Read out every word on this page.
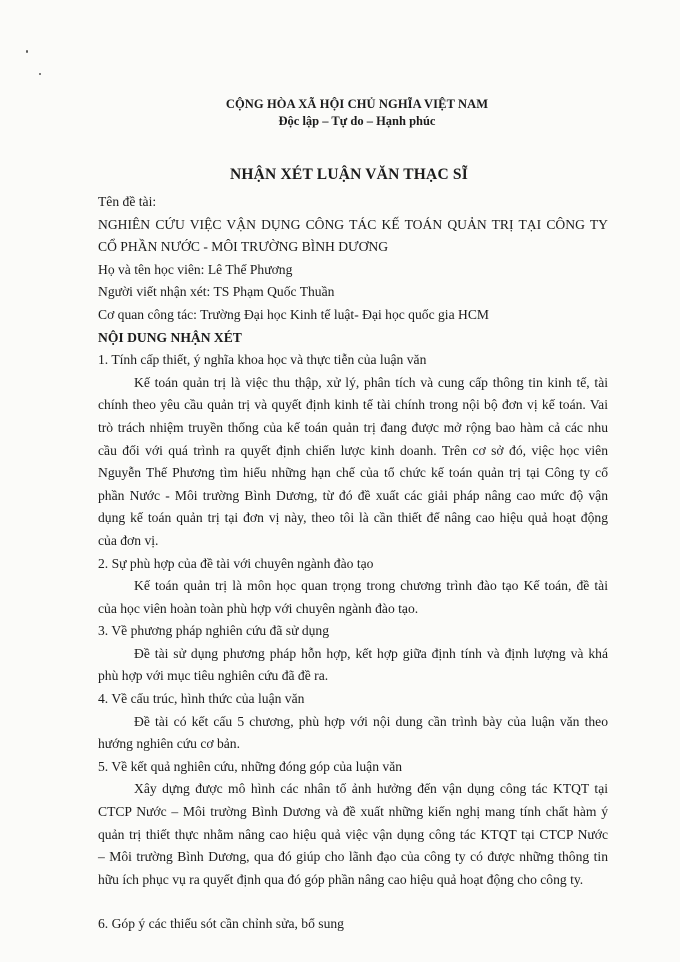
CỘNG HÒA XÃ HỘI CHỦ NGHĨA VIỆT NAM
Độc lập – Tự do – Hạnh phúc
NHẬN XÉT LUẬN VĂN THẠC SĨ

Tên đề tài:

NGHIÊN CỨU VIỆC VẬN DỤNG CÔNG TÁC KẾ TOÁN QUẢN TRỊ TẠI CÔNG TY

CỔ PHẦN NƯỚC - MÔI TRƯỜNG BÌNH DƯƠNG

Họ và tên học viên: Lê Thế Phương

Người viết nhận xét: TS Phạm Quốc Thuần

Cơ quan công tác: Trường Đại học Kinh tế luật- Đại học quốc gia HCM

NỘI DUNG NHẬN XÉT

1. Tính cấp thiết, ý nghĩa khoa học và thực tiễn của luận văn

Kế toán quản trị là việc thu thập, xử lý, phân tích và cung cấp thông tin kinh tế, tài

chính theo yêu cầu quản trị và quyết định kinh tế tài chính trong nội bộ đơn vị kế toán. Vai

trò trách nhiệm truyền thống của kế toán quản trị đang được mở rộng bao hàm cả các nhu

cầu đối với quá trình ra quyết định chiến lược kinh doanh. Trên cơ sở đó, việc học viên

Nguyễn Thế Phương tìm hiểu những hạn chế của tổ chức kế toán quản trị tại Công ty cổ

phần Nước - Môi trường Bình Dương, từ đó đề xuất các giải pháp nâng cao mức độ vận

dụng kế toán quản trị tại đơn vị này, theo tôi là cần thiết để nâng cao hiệu quả hoạt động

của đơn vị.

2. Sự phù hợp của đề tài với chuyên ngành đào tạo

Kế toán quản trị là môn học quan trọng trong chương trình đào tạo Kế toán, đề tài

của học viên hoàn toàn phù hợp với chuyên ngành đào tạo.

3. Về phương pháp nghiên cứu đã sử dụng

Đề tài sử dụng phương pháp hỗn hợp, kết hợp giữa định tính và định lượng và khá

phù hợp với mục tiêu nghiên cứu đã đề ra.

4. Về cấu trúc, hình thức của luận văn

Đề tài có kết cấu 5 chương, phù hợp với nội dung cần trình bày của luận văn theo

hướng nghiên cứu cơ bản.

5. Về kết quả nghiên cứu, những đóng góp của luận văn

Xây dựng được mô hình các nhân tố ảnh hưởng đến vận dụng công tác KTQT tại

CTCP Nước – Môi trường Bình Dương và đề xuất những kiến nghị mang tính chất hàm ý

quản trị thiết thực nhằm nâng cao hiệu quả việc vận dụng công tác KTQT tại CTCP Nước

– Môi trường Bình Dương, qua đó giúp cho lãnh đạo của công ty có được những thông tin

hữu ích phục vụ ra quyết định qua đó góp phần nâng cao hiệu quả hoạt động cho công ty.

6. Góp ý các thiếu sót cần chỉnh sửa, bổ sung
